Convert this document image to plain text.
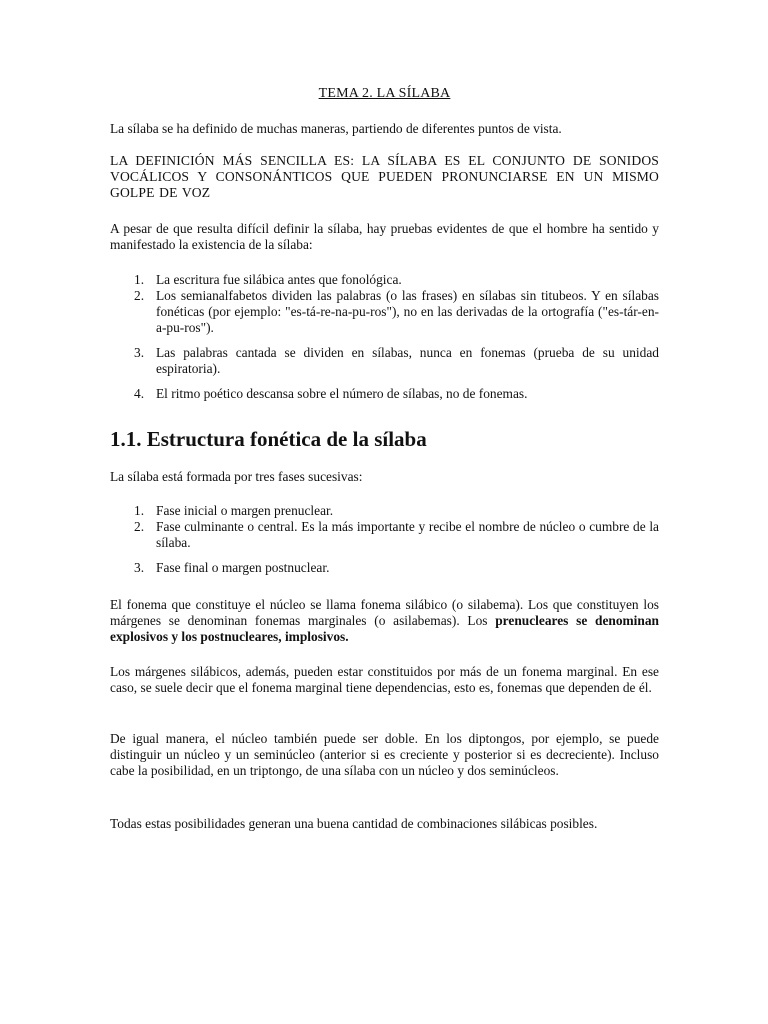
TEMA 2. LA SÍLABA

La sílaba se ha definido de muchas maneras, partiendo de diferentes puntos de vista.

LA DEFINICIÓN MÁS SENCILLA ES: LA SÍLABA ES EL CONJUNTO DE SONIDOS VOCÁLICOS Y CONSONÁNTICOS QUE PUEDEN PRONUNCIARSE EN UN MISMO GOLPE DE VOZ

A pesar de que resulta difícil definir la sílaba, hay pruebas evidentes de que el hombre ha sentido y manifestado la existencia de la sílaba:

1. La escritura fue silábica antes que fonológica.
2. Los semianalfabetos dividen las palabras (o las frases) en sílabas sin titubeos. Y en sílabas fonéticas (por ejemplo: "es-tá-re-na-pu-ros"), no en las derivadas de la ortografía ("es-tár-en-a-pu-ros").
3. Las palabras cantada se dividen en sílabas, nunca en fonemas (prueba de su unidad espiratoria).
4. El ritmo poético descansa sobre el número de sílabas, no de fonemas.
1.1. Estructura fonética de la sílaba

La sílaba está formada por tres fases sucesivas:

1. Fase inicial o margen prenuclear.
2. Fase culminante o central. Es la más importante y recibe el nombre de núcleo o cumbre de la sílaba.
3. Fase final o margen postnuclear.

El fonema que constituye el núcleo se llama fonema silábico (o silabema). Los que constituyen los márgenes se denominan fonemas marginales (o asilabemas). Los prenucleares se denominan explosivos y los postnucleares, implosivos.

Los márgenes silábicos, además, pueden estar constituidos por más de un fonema marginal. En ese caso, se suele decir que el fonema marginal tiene dependencias, esto es, fonemas que dependen de él.

De igual manera, el núcleo también puede ser doble. En los diptongos, por ejemplo, se puede distinguir un núcleo y un seminúcleo (anterior si es creciente y posterior si es decreciente). Incluso cabe la posibilidad, en un triptongo, de una sílaba con un núcleo y dos seminúcleos.

Todas estas posibilidades generan una buena cantidad de combinaciones silábicas posibles.
